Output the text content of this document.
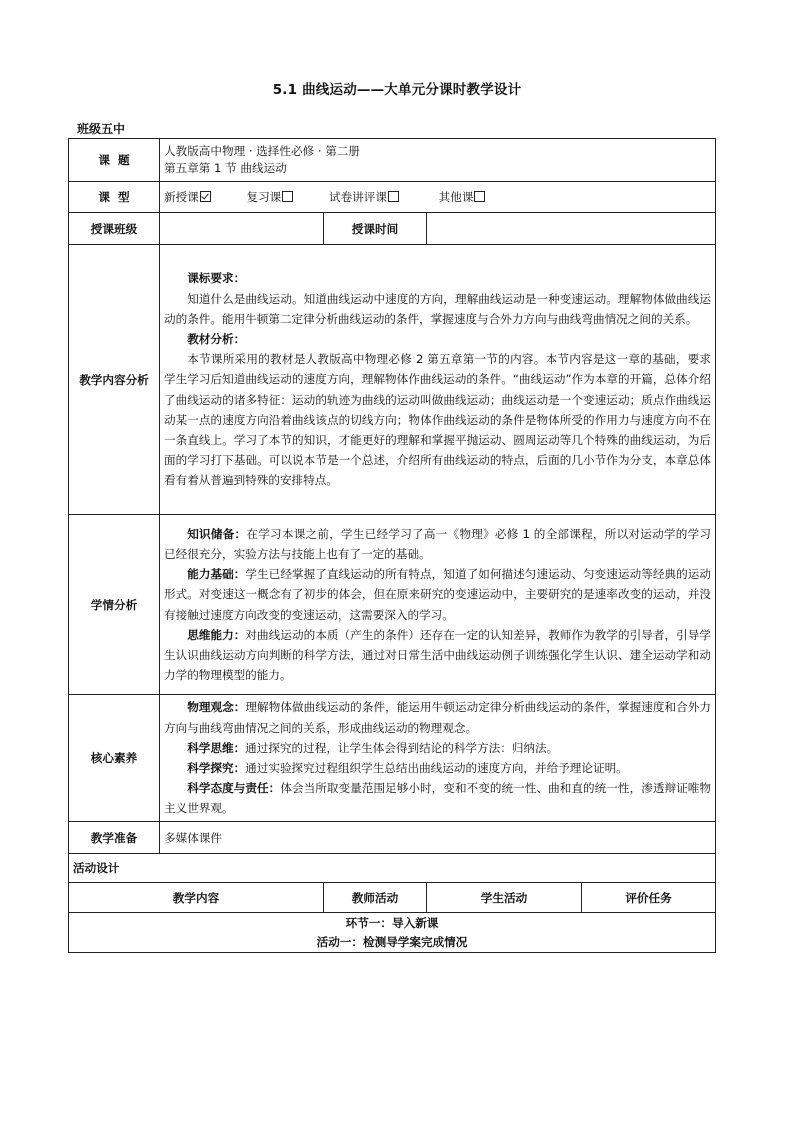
5.1 曲线运动——大单元分课时教学设计
班级五中
课  题	人教版高中物理 · 选择性必修 · 第二册
第五章第 1 节 曲线运动			

课  型	新授课 复习课 试卷讲评课 其他课			
授课班级		授课时间		
教学内容分析	课标要求：

知道什么是曲线运动。知道曲线运动中速度的方向，理解曲线运动是一种变速运动。理解物体做曲线运动的条件。能用牛顿第二定律分析曲线运动的条件，掌握速度与合外力方向与曲线弯曲情况之间的关系。

教材分析：

本节课所采用的教材是人教版高中物理必修 2 第五章第一节的内容。本节内容是这一章的基础，要求学生学习后知道曲线运动的速度方向，理解物体作曲线运动的条件。“曲线运动”作为本章的开篇，总体介绍了曲线运动的诸多特征：运动的轨迹为曲线的运动叫做曲线运动；曲线运动是一个变速运动；质点作曲线运动某一点的速度方向沿着曲线该点的切线方向；物体作曲线运动的条件是物体所受的作用力与速度方向不在一条直线上。学习了本节的知识，才能更好的理解和掌握平抛运动、圆周运动等几个特殊的曲线运动，为后面的学习打下基础。可以说本节是一个总述，介绍所有曲线运动的特点，后面的几小节作为分支，本章总体看有着从普遍到特殊的安排特点。			

学情分析	知识储备：在学习本课之前，学生已经学习了高一《物理》必修 1 的全部课程，所以对运动学的学习已经很充分，实验方法与技能上也有了一定的基础。

能力基础：学生已经掌握了直线运动的所有特点，知道了如何描述匀速运动、匀变速运动等经典的运动形式。对变速这一概念有了初步的体会，但在原来研究的变速运动中，主要研究的是速率改变的运动，并没有接触过速度方向改变的变速运动，这需要深入的学习。

思维能力：对曲线运动的本质（产生的条件）还存在一定的认知差异，教师作为教学的引导者，引导学生认识曲线运动方向判断的科学方法，通过对日常生活中曲线运动例子训练强化学生认识、建全运动学和动力学的物理模型的能力。			

核心素养	物理观念：理解物体做曲线运动的条件，能运用牛顿运动定律分析曲线运动的条件，掌握速度和合外力方向与曲线弯曲情况之间的关系，形成曲线运动的物理观念。

科学思维：通过探究的过程，让学生体会得到结论的科学方法：归纳法。

科学探究：通过实验探究过程组织学生总结出曲线运动的速度方向，并给予理论证明。

科学态度与责任：体会当所取变量范围足够小时，变和不变的统一性、曲和直的统一性，渗透辩证唯物主义世界观。			

教学准备	多媒体课件			
活动设计				
教学内容		教师活动	学生活动	评价任务

环节一：导入新课
活动一：检测导学案完成情况				
